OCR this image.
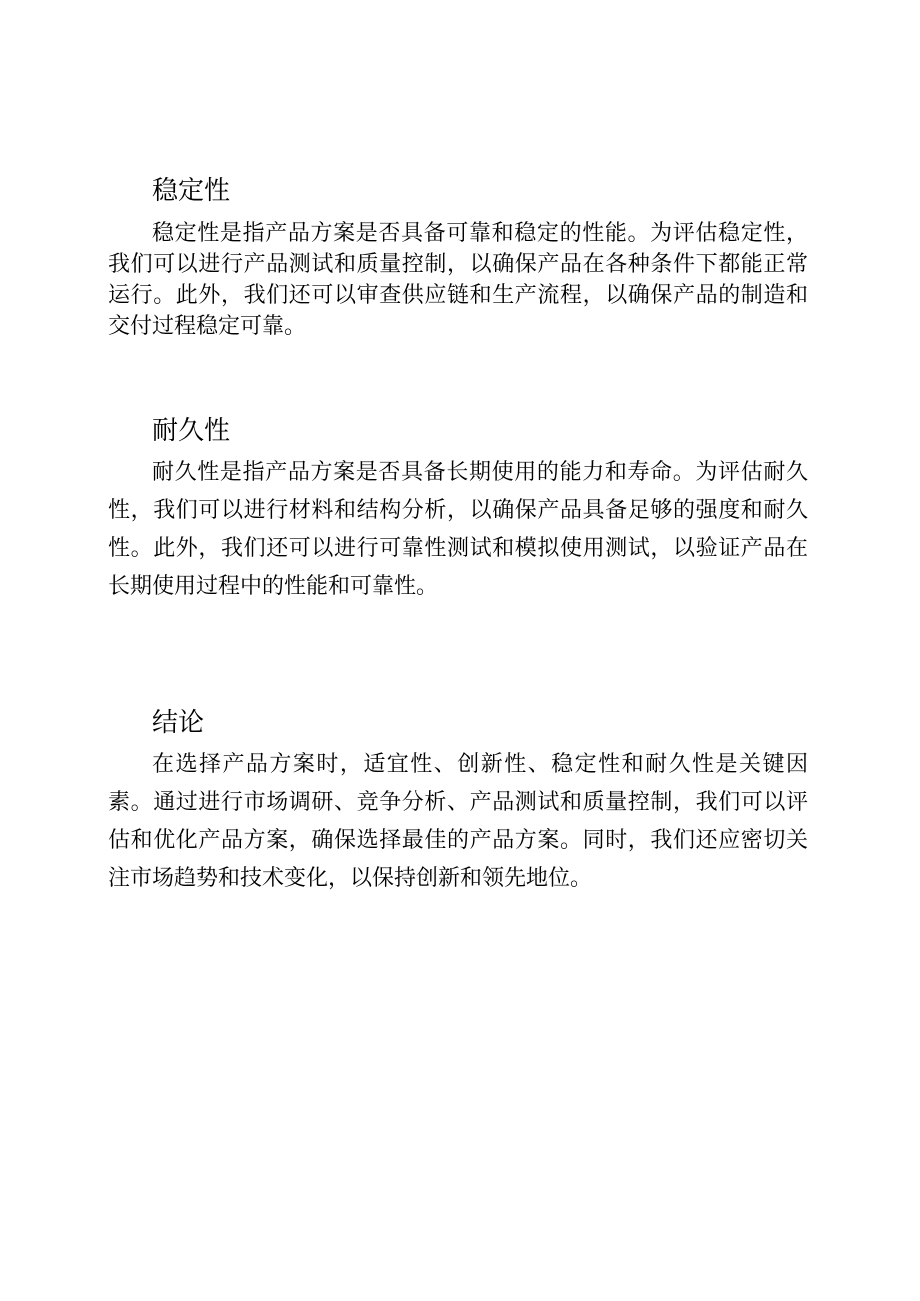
稳定性

稳定性是指产品方案是否具备可靠和稳定的性能。为评估稳定性，我们可以进行产品测试和质量控制，以确保产品在各种条件下都能正常运行。此外，我们还可以审查供应链和生产流程，以确保产品的制造和交付过程稳定可靠。

耐久性

耐久性是指产品方案是否具备长期使用的能力和寿命。为评估耐久性，我们可以进行材料和结构分析，以确保产品具备足够的强度和耐久性。此外，我们还可以进行可靠性测试和模拟使用测试，以验证产品在长期使用过程中的性能和可靠性。

结论

在选择产品方案时，适宜性、创新性、稳定性和耐久性是关键因素。通过进行市场调研、竞争分析、产品测试和质量控制，我们可以评估和优化产品方案，确保选择最佳的产品方案。同时，我们还应密切关注市场趋势和技术变化，以保持创新和领先地位。
